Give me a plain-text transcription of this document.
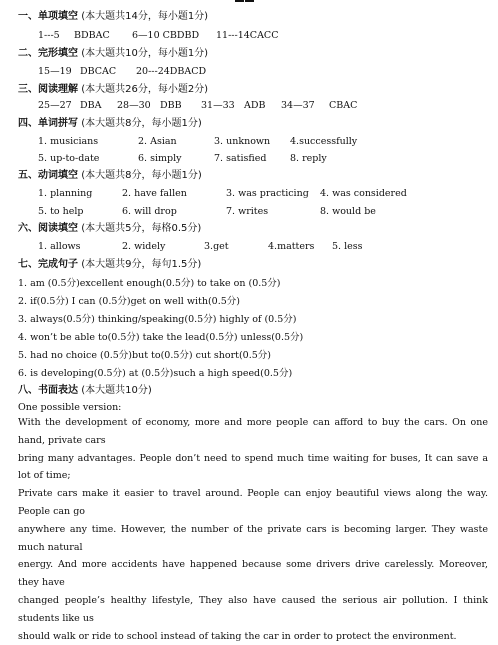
一、单项填空 (本大题共14分，每小题1分)
1---5 BDBAC 6—10 CBDBD 11---14CACC
二、完形填空 (本大题共10分，每小题1分)
15—19 DBCAC 20---24DBACD
三、阅读理解 (本大题共26分，每小题2分)
25—27 DBA 28—30 DBB 31—33 ADB 34—37 CBAC
四、单词拼写 (本大题共8分，每小题1分)
1. musicians	2. Asian	3. unknown 4.successfully
5. up-to-date	6. simply	7. satisfied 8. reply
五、动词填空 (本大题共8分，每小题1分)
1. planning	2. have fallen	3. was practicing 4. was considered
5. to help	6. will drop	7. writes	8. would be
六、阅读填空 (本大题共5分，每格0.5分)
1. allows	2. widely	3.get	4.matters 5. less
七、完成句子 (本大题共9分，每句1.5分)
1. am (0.5分)excellent enough(0.5分) to take on (0.5分)
2. if(0.5分) I can (0.5分)get on well with(0.5分)
3. always(0.5分) thinking/speaking(0.5分) highly of (0.5分)
4. won’t be able to(0.5分) take the lead(0.5分) unless(0.5分)
5. had no choice (0.5分)but to(0.5分) cut short(0.5分)
6. is developing(0.5分) at (0.5分)such a high speed(0.5分)
八、书面表达 (本大题共10分)
One possible version:
With the development of economy, more and more people can afford to buy the cars. On one hand, private cars
bring many advantages. People don’t need to spend much time waiting for buses, It can save a lot of time;
Private cars make it easier to travel around. People can enjoy beautiful views along the way. People can go
anywhere any time. However, the number of the private cars is becoming larger. They waste much natural
energy. And more accidents have happened because some drivers drive carelessly. Moreover, they have
changed people’s healthy lifestyle, They also have caused the serious air pollution. I think students like us
should walk or ride to school instead of taking the car in order to protect the environment.
